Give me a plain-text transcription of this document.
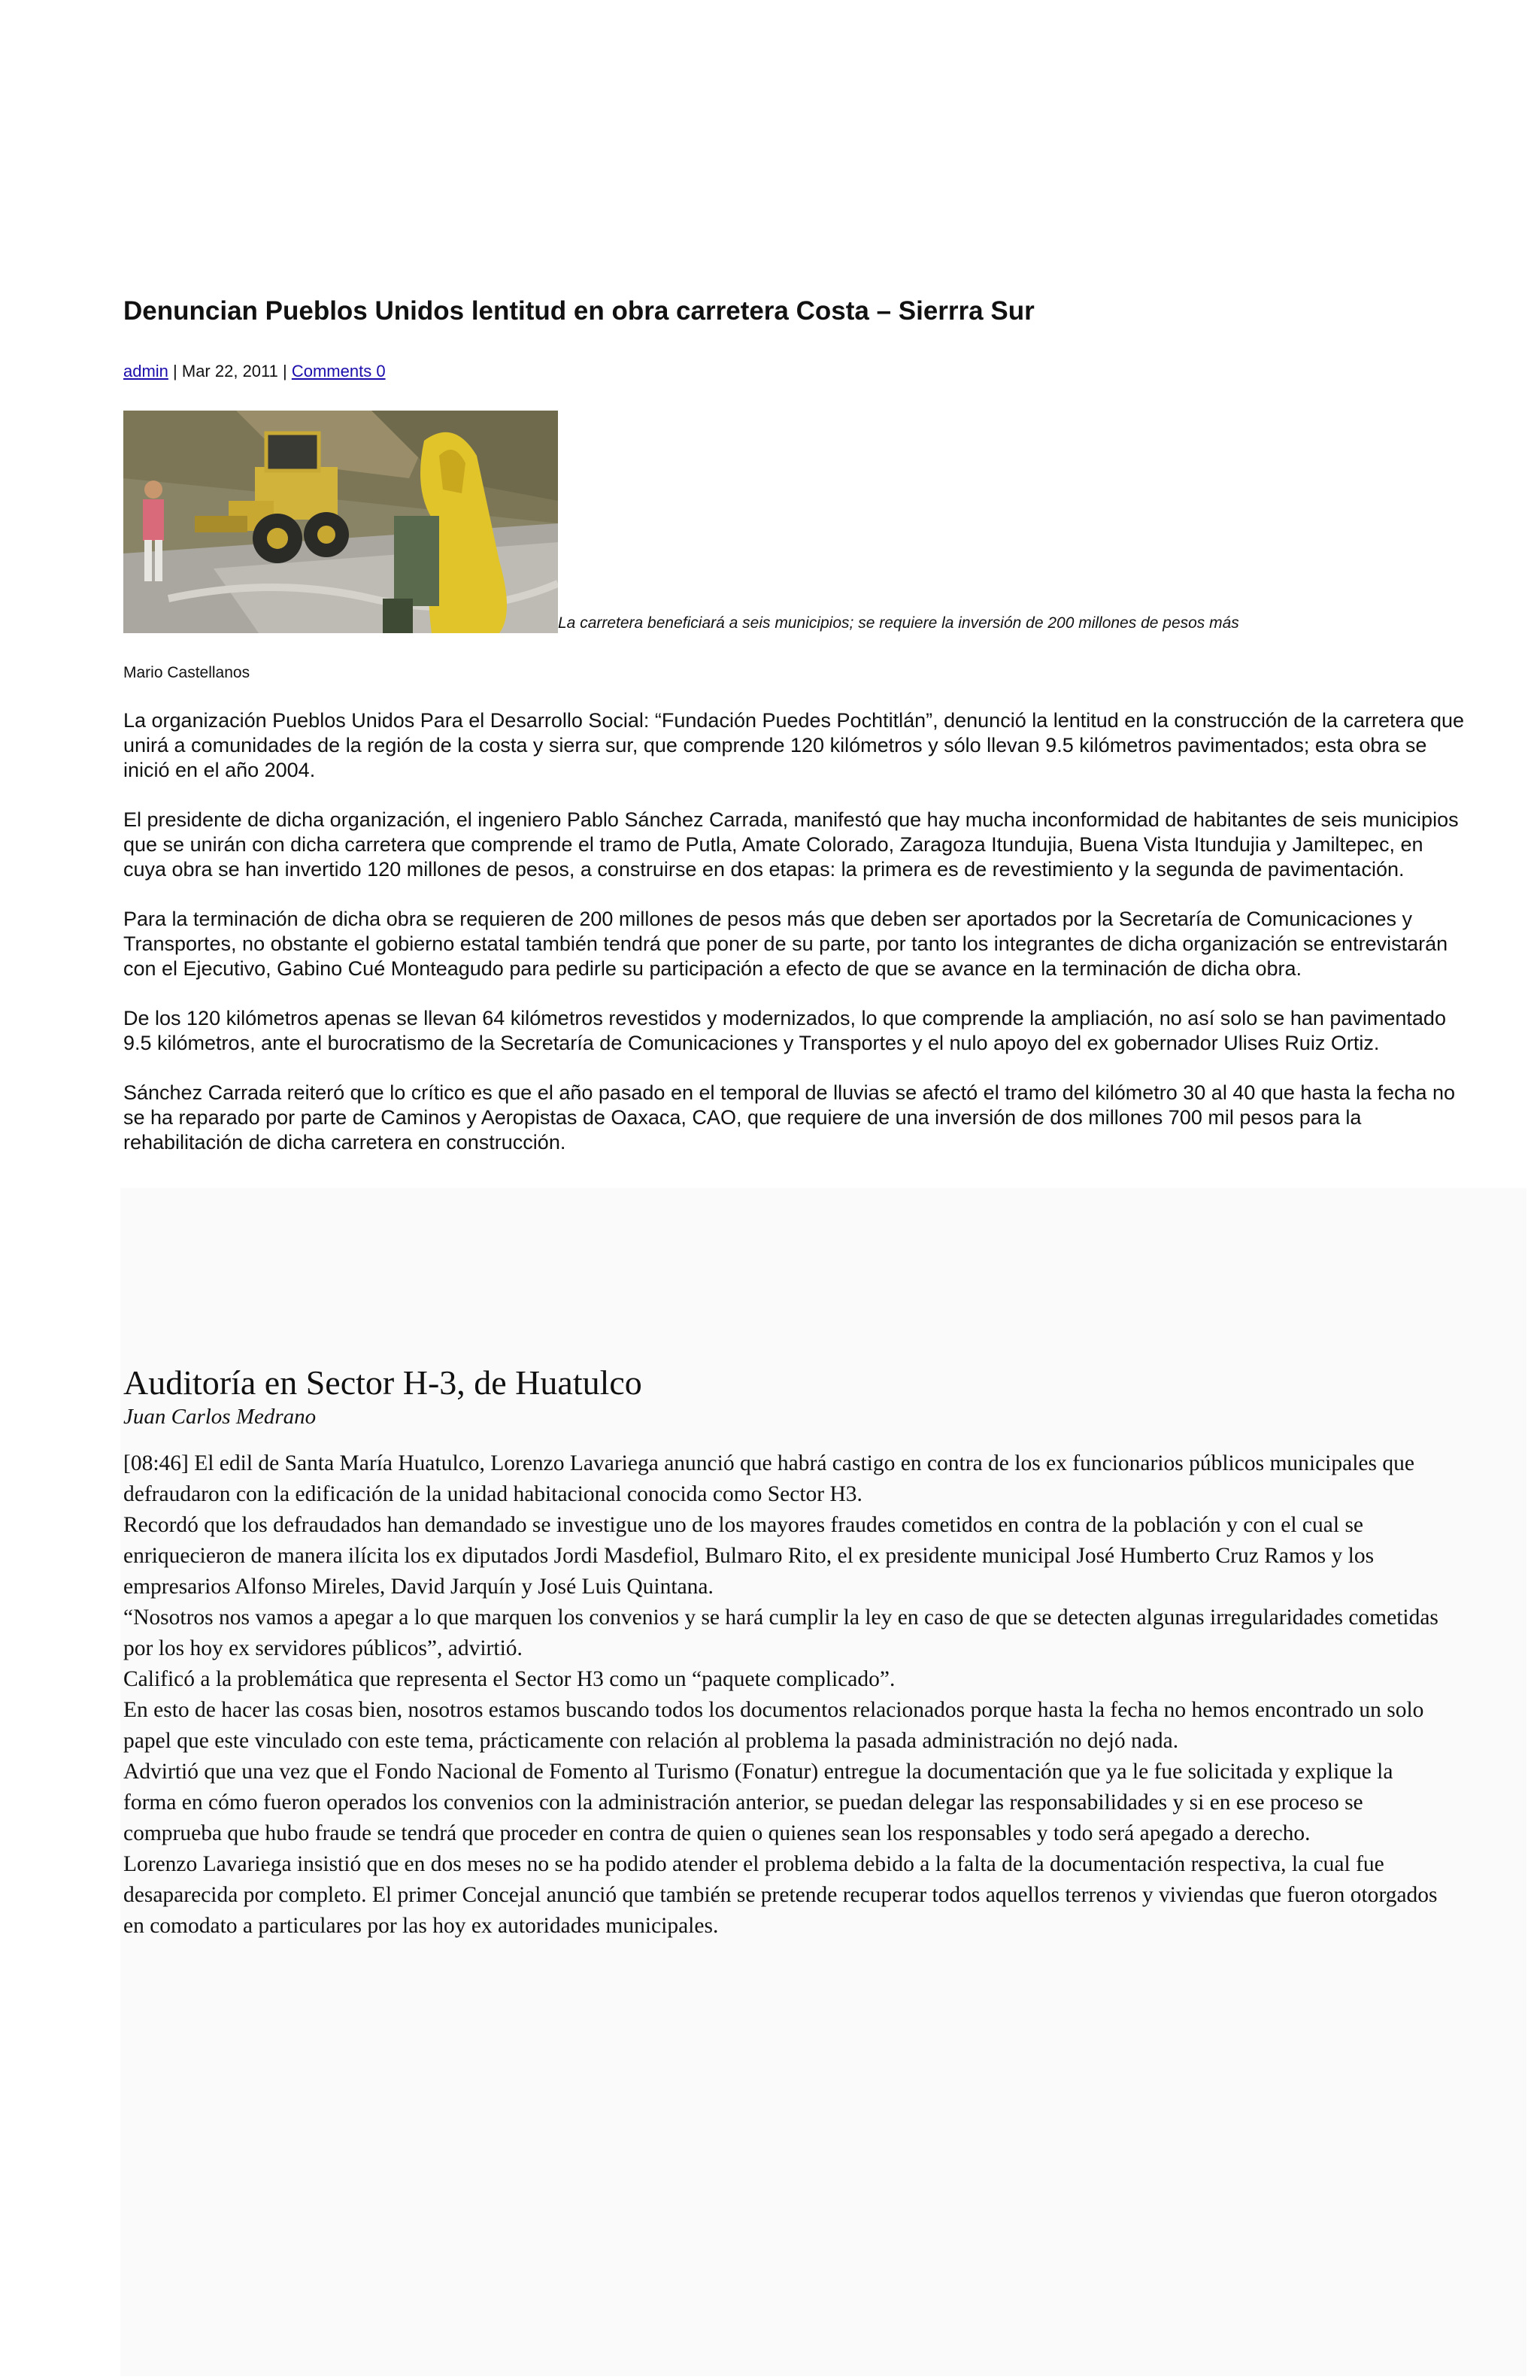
Denuncian Pueblos Unidos lentitud en obra carretera Costa – Sierrra Sur
admin | Mar 22, 2011 | Comments 0
La carretera beneficiará a seis municipios; se requiere la inversión de 200 millones de pesos más
Mario Castellanos

La organización Pueblos Unidos Para el Desarrollo Social: “Fundación Puedes Pochtitlán”, denunció la lentitud en la construcción de la carretera que unirá a comunidades de la región de la costa y sierra sur, que comprende 120 kilómetros y sólo llevan 9.5 kilómetros pavimentados; esta obra se inició en el año 2004.

El presidente de dicha organización, el ingeniero Pablo Sánchez Carrada, manifestó que hay mucha inconformidad de habitantes de seis municipios que se unirán con dicha carretera que comprende el tramo de Putla, Amate Colorado, Zaragoza Itundujia, Buena Vista Itundujia y Jamiltepec, en cuya obra se han invertido 120 millones de pesos, a construirse en dos etapas: la primera es de revestimiento y la segunda de pavimentación.

Para la terminación de dicha obra se requieren de 200 millones de pesos más que deben ser aportados por la Secretaría de Comunicaciones y Transportes, no obstante el gobierno estatal también tendrá que poner de su parte, por tanto los integrantes de dicha organización se entrevistarán con el Ejecutivo, Gabino Cué Monteagudo para pedirle su participación a efecto de que se avance en la terminación de dicha obra.

De los 120 kilómetros apenas se llevan 64 kilómetros revestidos y modernizados, lo que comprende la ampliación, no así solo se han pavimentado 9.5 kilómetros, ante el burocratismo de la Secretaría de Comunicaciones y Transportes y el nulo apoyo del ex gobernador Ulises Ruiz Ortiz.

Sánchez Carrada reiteró que lo crítico es que el año pasado en el temporal de lluvias se afectó el tramo del kilómetro 30 al 40 que hasta la fecha no se ha reparado por parte de Caminos y Aeropistas de Oaxaca, CAO, que requiere de una inversión de dos millones 700 mil pesos para la rehabilitación de dicha carretera en construcción.

Auditoría en Sector H-3, de Huatulco
Juan Carlos Medrano

[08:46] El edil de Santa María Huatulco, Lorenzo Lavariega anunció que habrá castigo en contra de los ex funcionarios públicos municipales que defraudaron con la edificación de la unidad habitacional conocida como Sector H3.

Recordó que los defraudados han demandado se investigue uno de los mayores fraudes cometidos en contra de la población y con el cual se enriquecieron de manera ilícita los ex diputados Jordi Masdefiol, Bulmaro Rito, el ex presidente municipal José Humberto Cruz Ramos y los empresarios Alfonso Mireles, David Jarquín y José Luis Quintana.

“Nosotros nos vamos a apegar a lo que marquen los convenios y se hará cumplir la ley en caso de que se detecten algunas irregularidades cometidas por los hoy ex servidores públicos”, advirtió.

Calificó a la problemática que representa el Sector H3 como un “paquete complicado”.

En esto de hacer las cosas bien, nosotros estamos buscando todos los documentos relacionados porque hasta la fecha no hemos encontrado un solo papel que este vinculado con este tema, prácticamente con relación al problema la pasada administración no dejó nada.

Advirtió que una vez que el Fondo Nacional de Fomento al Turismo (Fonatur) entregue la documentación que ya le fue solicitada y explique la forma en cómo fueron operados los convenios con la administración anterior, se puedan delegar las responsabilidades y si en ese proceso se comprueba que hubo fraude se tendrá que proceder en contra de quien o quienes sean los responsables y todo será apegado a derecho.

Lorenzo Lavariega insistió que en dos meses no se ha podido atender el problema debido a la falta de la documentación respectiva, la cual fue desaparecida por completo. El primer Concejal anunció que también se pretende recuperar todos aquellos terrenos y viviendas que fueron otorgados en comodato a particulares por las hoy ex autoridades municipales.
